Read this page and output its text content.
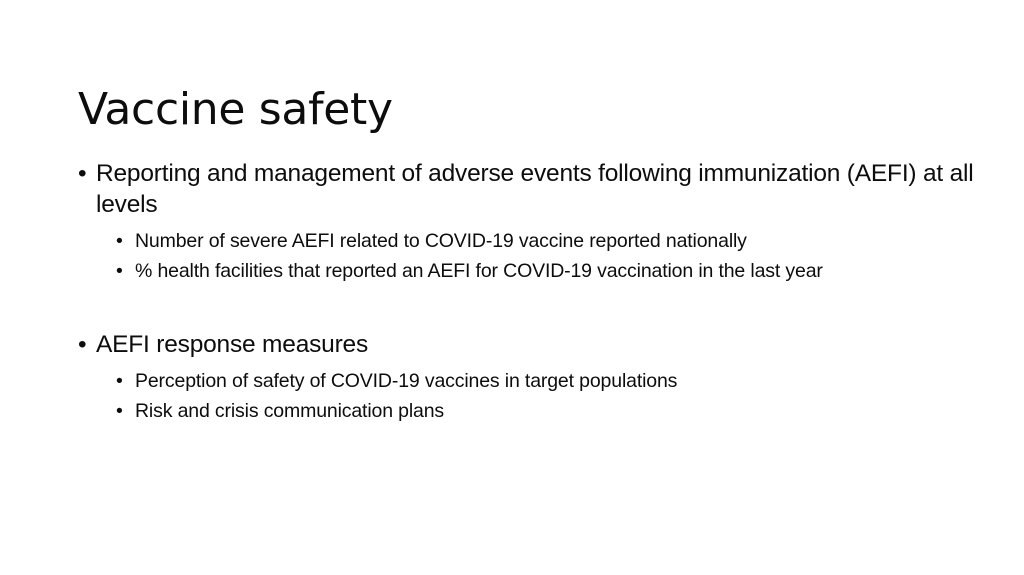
Vaccine safety
• Reporting and management of adverse events following immunization (AEFI) at all levels
• Number of severe AEFI related to COVID-19 vaccine reported nationally
• % health facilities that reported an AEFI for COVID-19 vaccination in the last year
• AEFI response measures
• Perception of safety of COVID-19 vaccines in target populations
• Risk and crisis communication plans
